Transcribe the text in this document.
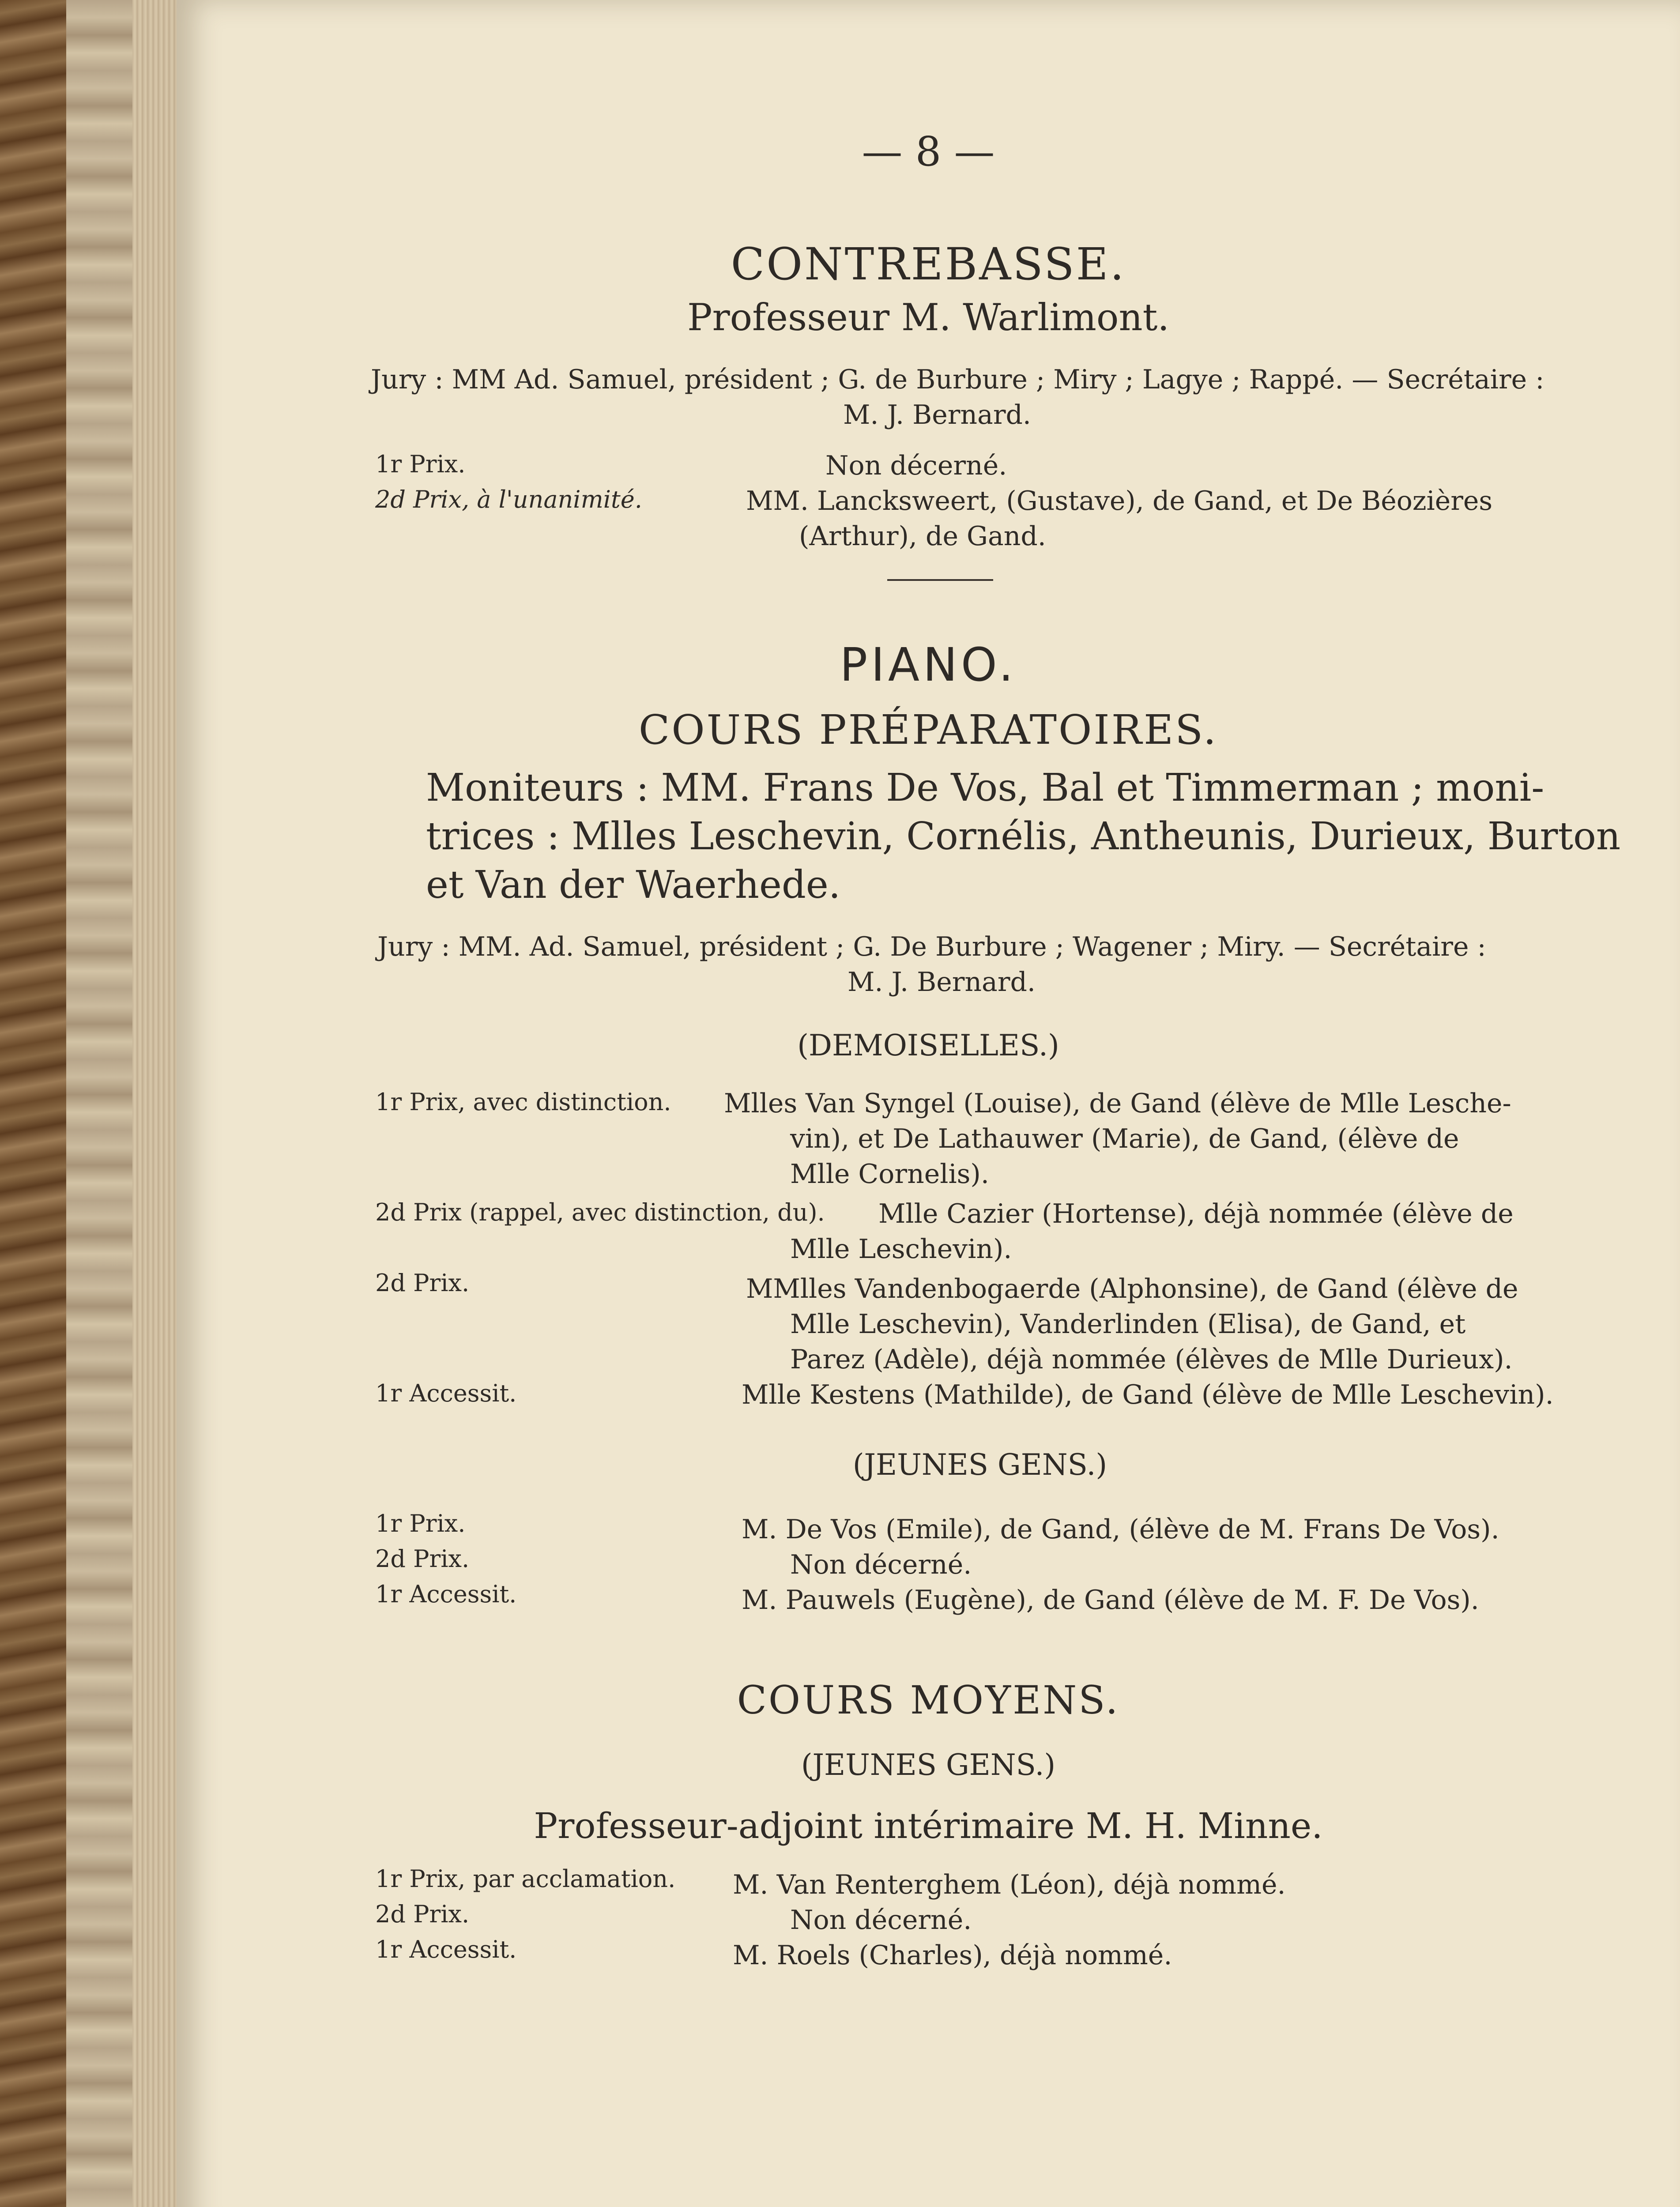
— 8 —
CONTREBASSE.
Professeur M. Warlimont.
Jury : MM Ad. Samuel, président ; G. de Burbure ; Miry ; Lagye ; Rappé. — Secrétaire :
M. J. Bernard.
1r Prix.	Non décerné.
2d Prix, à l'unanimité.	MM. Lancksweert, (Gustave), de Gand, et De Béozières
(Arthur), de Gand.
PIANO.
COURS PRÉPARATOIRES.
Moniteurs : MM. Frans De Vos, Bal et Timmerman ; moni-
trices : Mlles Leschevin, Cornélis, Antheunis, Durieux, Burton
et Van der Waerhede.
Jury : MM. Ad. Samuel, président ; G. De Burbure ; Wagener ; Miry. — Secrétaire :
M. J. Bernard.
(DEMOISELLES.)
1r Prix, avec distinction. Mlles Van Syngel (Louise), de Gand (élève de Mlle Lesche-
vin), et De Lathauwer (Marie), de Gand, (élève de
Mlle Cornelis).
2d Prix (rappel, avec distinction, du). Mlle Cazier (Hortense), déjà nommée (élève de
Mlle Leschevin).
2d Prix.	MMlles Vandenbogaerde (Alphonsine), de Gand (élève de
Mlle Leschevin), Vanderlinden (Elisa), de Gand, et
Parez (Adèle), déjà nommée (élèves de Mlle Durieux).
1r Accessit.	Mlle Kestens (Mathilde), de Gand (élève de Mlle Leschevin).
(JEUNES GENS.)
1r Prix.	M. De Vos (Emile), de Gand, (élève de M. Frans De Vos).
2d Prix.	Non décerné.
1r Accessit.	M. Pauwels (Eugène), de Gand (élève de M. F. De Vos).
COURS MOYENS.
(JEUNES GENS.)
Professeur-adjoint intérimaire M. H. Minne.
1r Prix, par acclamation. M. Van Renterghem (Léon), déjà nommé.
2d Prix.	Non décerné.
1r Accessit.	M. Roels (Charles), déjà nommé.
